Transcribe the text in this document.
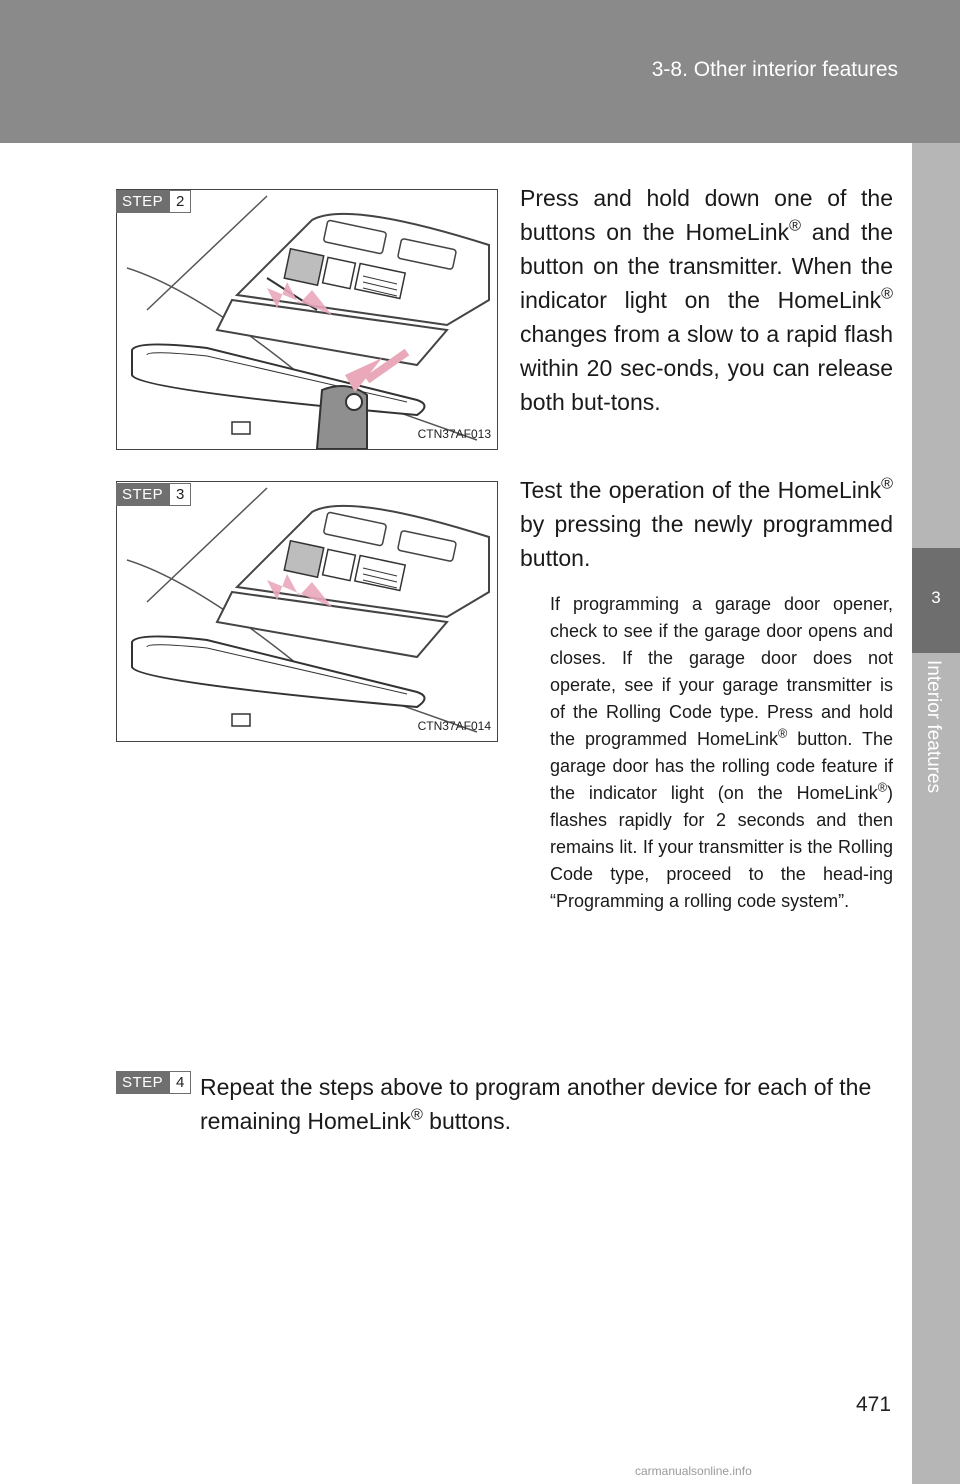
3-8. Other interior features
3
Interior features
CTN37AF013
CTN37AF014
STEP 2	Press and hold down one of the buttons on the HomeLink® and the button on the transmitter. When the indicator light on the HomeLink® changes from a slow to a rapid flash within 20 sec-onds, you can release both but-tons.
STEP 3	Test the operation of the HomeLink® by pressing the newly programmed button.
If programming a garage door opener, check to see if the garage door opens and closes. If the garage door does not operate, see if your garage transmitter is of the Rolling Code type. Press and hold the programmed HomeLink® button. The garage door has the rolling code feature if the indicator light (on the HomeLink®) flashes rapidly for 2 seconds and then remains lit. If your transmitter is the Rolling Code type, proceed to the head-ing “Programming a rolling code system”.
STEP 4 Repeat the steps above to program another device for each of the remaining HomeLink® buttons.
471
carmanualsonline.info
